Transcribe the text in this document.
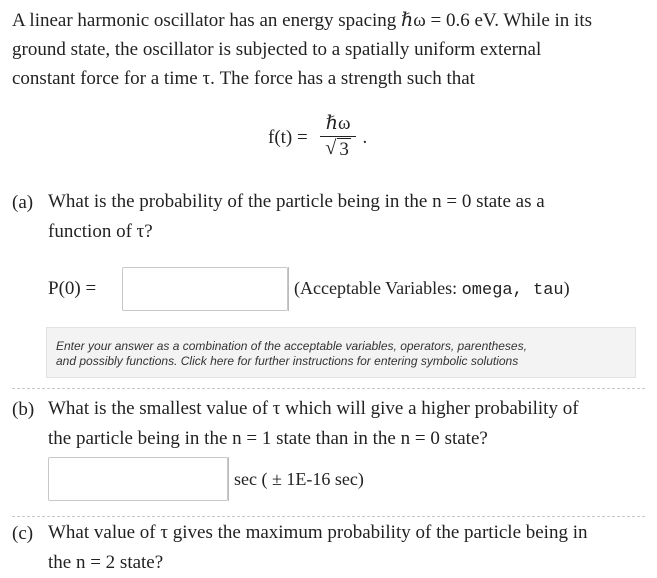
A linear harmonic oscillator has an energy spacing ℏω = 0.6 eV. While in its

ground state, the oscillator is subjected to a spatially uniform external

constant force for a time τ. The force has a strength such that

$f(t) = \frac{\text{ℏω}}{√ 3}$ .
(a) What is the probability of the particle being in the n = 0 state as a
function of τ?
P(0) =	(Acceptable Variables: omega, tau)
Enter your answer as a combination of the acceptable variables, operators, parentheses,
and possibly functions. Click here for further instructions for entering symbolic solutions
(b) What is the smallest value of τ which will give a higher probability of
the particle being in the n = 1 state than in the n = 0 state?
sec ( ± 1E-16 sec)
(c) What value of τ gives the maximum probability of the particle being in
the n = 2 state?
